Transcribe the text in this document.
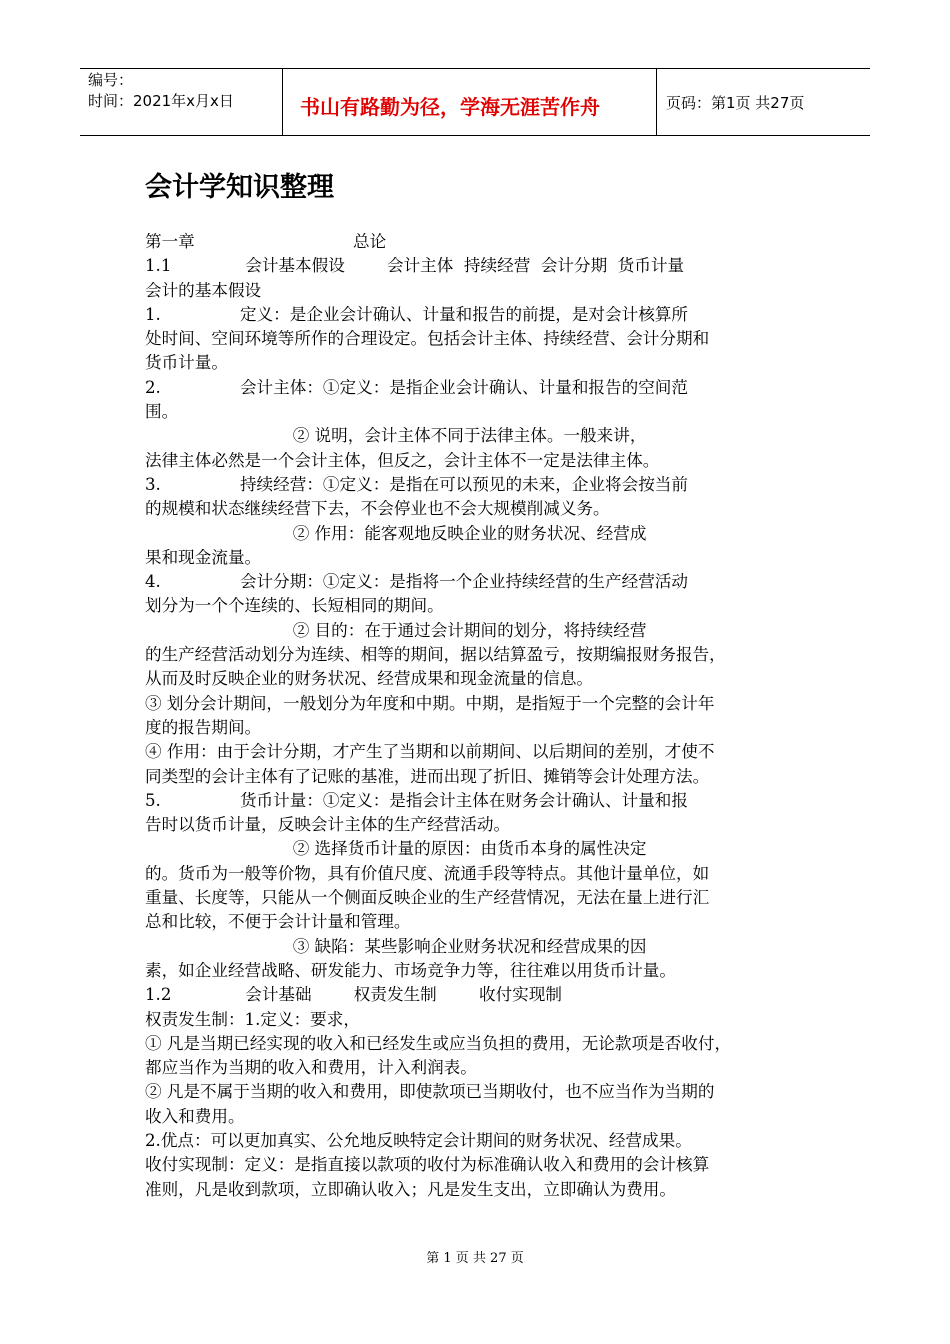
编号：
时间：2021年x月x日	书山有路勤为径，学海无涯苦作舟	页码：第1页 共27页
会计学知识整理
第一章                              总论
1.1              会计基本假设        会计主体  持续经营  会计分期  货币计量
会计的基本假设
1.               定义：是企业会计确认、计量和报告的前提，是对会计核算所
处时间、空间环境等所作的合理设定。包括会计主体、持续经营、会计分期和
货币计量。
2.               会计主体：①定义：是指企业会计确认、计量和报告的空间范
围。
② 说明，会计主体不同于法律主体。一般来讲，
法律主体必然是一个会计主体，但反之，会计主体不一定是法律主体。
3.               持续经营：①定义：是指在可以预见的未来，企业将会按当前
的规模和状态继续经营下去，不会停业也不会大规模削减义务。
② 作用：能客观地反映企业的财务状况、经营成
果和现金流量。
4.               会计分期：①定义：是指将一个企业持续经营的生产经营活动
划分为一个个连续的、长短相同的期间。
② 目的：在于通过会计期间的划分，将持续经营
的生产经营活动划分为连续、相等的期间，据以结算盈亏，按期编报财务报告，
从而及时反映企业的财务状况、经营成果和现金流量的信息。
③ 划分会计期间，一般划分为年度和中期。中期，是指短于一个完整的会计年
度的报告期间。
④ 作用：由于会计分期，才产生了当期和以前期间、以后期间的差别，才使不
同类型的会计主体有了记账的基准，进而出现了折旧、摊销等会计处理方法。
5.               货币计量：①定义：是指会计主体在财务会计确认、计量和报
告时以货币计量，反映会计主体的生产经营活动。
② 选择货币计量的原因：由货币本身的属性决定
的。货币为一般等价物，具有价值尺度、流通手段等特点。其他计量单位，如
重量、长度等，只能从一个侧面反映企业的生产经营情况，无法在量上进行汇
总和比较，不便于会计计量和管理。
③ 缺陷：某些影响企业财务状况和经营成果的因
素，如企业经营战略、研发能力、市场竞争力等，往往难以用货币计量。
1.2              会计基础        权责发生制        收付实现制
权责发生制：1.定义：要求，
① 凡是当期已经实现的收入和已经发生或应当负担的费用，无论款项是否收付，
都应当作为当期的收入和费用，计入利润表。
② 凡是不属于当期的收入和费用，即使款项已当期收付，也不应当作为当期的
收入和费用。
2.优点：可以更加真实、公允地反映特定会计期间的财务状况、经营成果。
收付实现制：定义：是指直接以款项的收付为标准确认收入和费用的会计核算
准则，凡是收到款项，立即确认收入；凡是发生支出，立即确认为费用。
第 1 页 共 27 页
